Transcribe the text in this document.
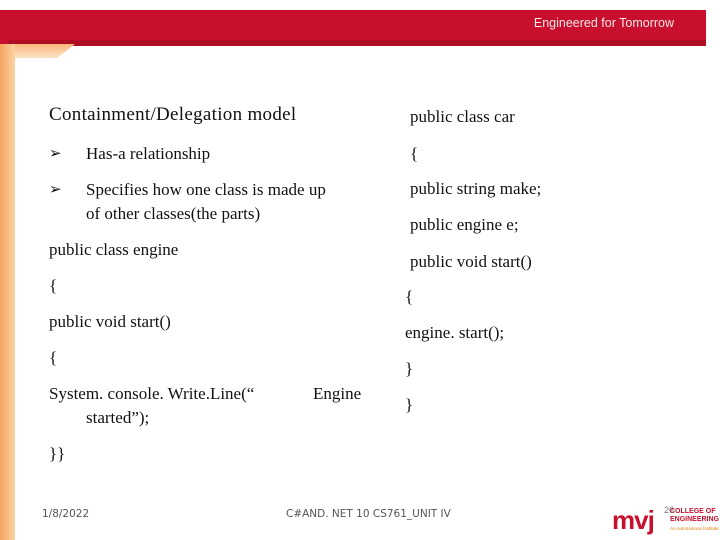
Engineered for Tomorrow
Containment/Delegation model
➢ Has-a relationship
➢ Specifies how one class is made up
of other classes(the parts)
public class engine
{
public void start()
{
System. console. Write.Line(“	Engine
started”);
}}
public class car
{
public string make;
public engine e;
public void start()
{
engine. start();
}
}
1/8/2022	C#AND. NET 10 CS761_UNIT IV	mvj COLLEGE OF
ENGINEERING
An Autonomous Institute
26
